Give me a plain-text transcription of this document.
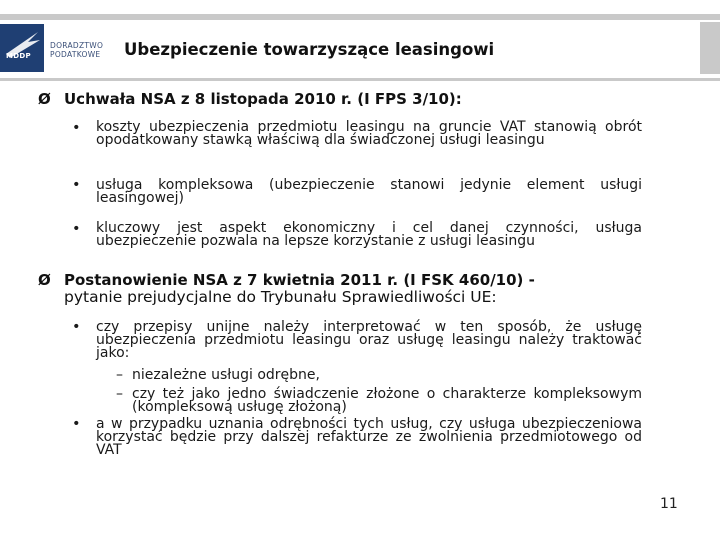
MDDP
DORADZTWO
PODATKOWE	Ubezpieczenie towarzyszące leasingowi
Ø Uchwała NSA z 8 listopada 2010 r. (I FPS 3/10):
• koszty ubezpieczenia przedmiotu leasingu na gruncie VAT stanowią obrót opodatkowany stawką właściwą dla świadczonej usługi leasingu
• usługa kompleksowa (ubezpieczenie stanowi jedynie element usługi leasingowej)
• kluczowy jest aspekt ekonomiczny i cel danej czynności, usługa ubezpieczenie pozwala na lepsze korzystanie z usługi leasingu
Ø Postanowienie NSA z 7 kwietnia 2011 r. (I FSK 460/10) -
pytanie prejudycjalne do Trybunału Sprawiedliwości UE:
• czy przepisy unijne należy interpretować w ten sposób, że usługę ubezpieczenia przedmiotu leasingu oraz usługę leasingu należy traktować jako:
– niezależne usługi odrębne,
– czy też jako jedno świadczenie złożone o charakterze kompleksowym (kompleksową usługę złożoną)
• a w przypadku uznania odrębności tych usług, czy usługa ubezpieczeniowa korzystać będzie przy dalszej refakturze ze zwolnienia przedmiotowego od VAT
11
